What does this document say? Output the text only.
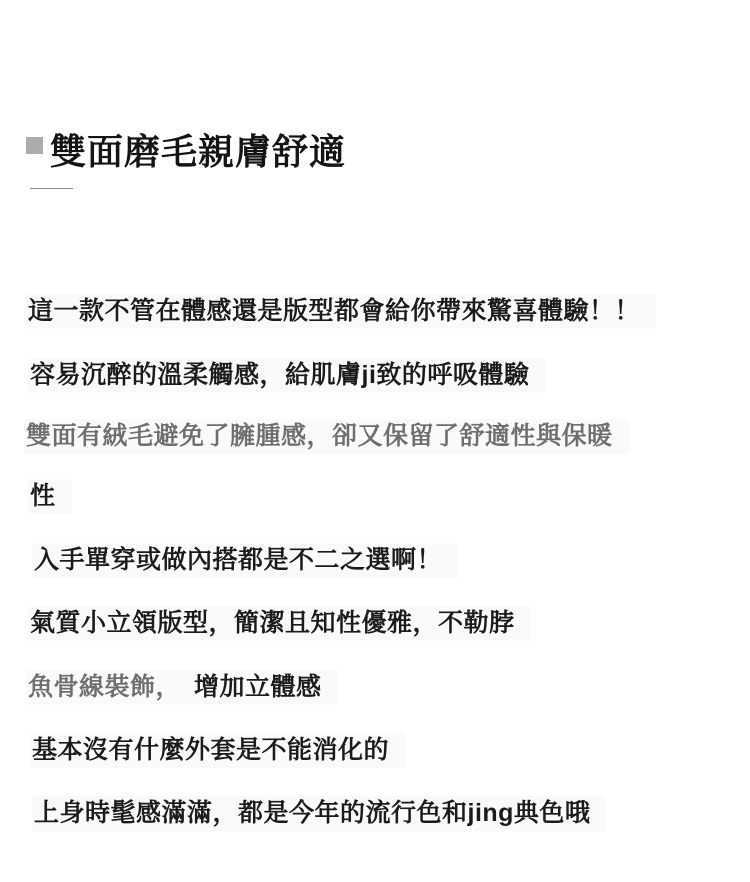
雙面磨毛親膚舒適
這一款不管在體感還是版型都會給你帶來驚喜體驗！！
容易沉醉的溫柔觸感，給肌膚ji致的呼吸體驗
雙面有絨毛避免了臃腫感，卻又保留了舒適性與保暖
性
入手單穿或做內搭都是不二之選啊！
氣質小立領版型，簡潔且知性優雅，不勒脖
魚骨線裝飾，　增加立體感
基本沒有什麼外套是不能消化的
上身時髦感滿滿，都是今年的流行色和jing典色哦
